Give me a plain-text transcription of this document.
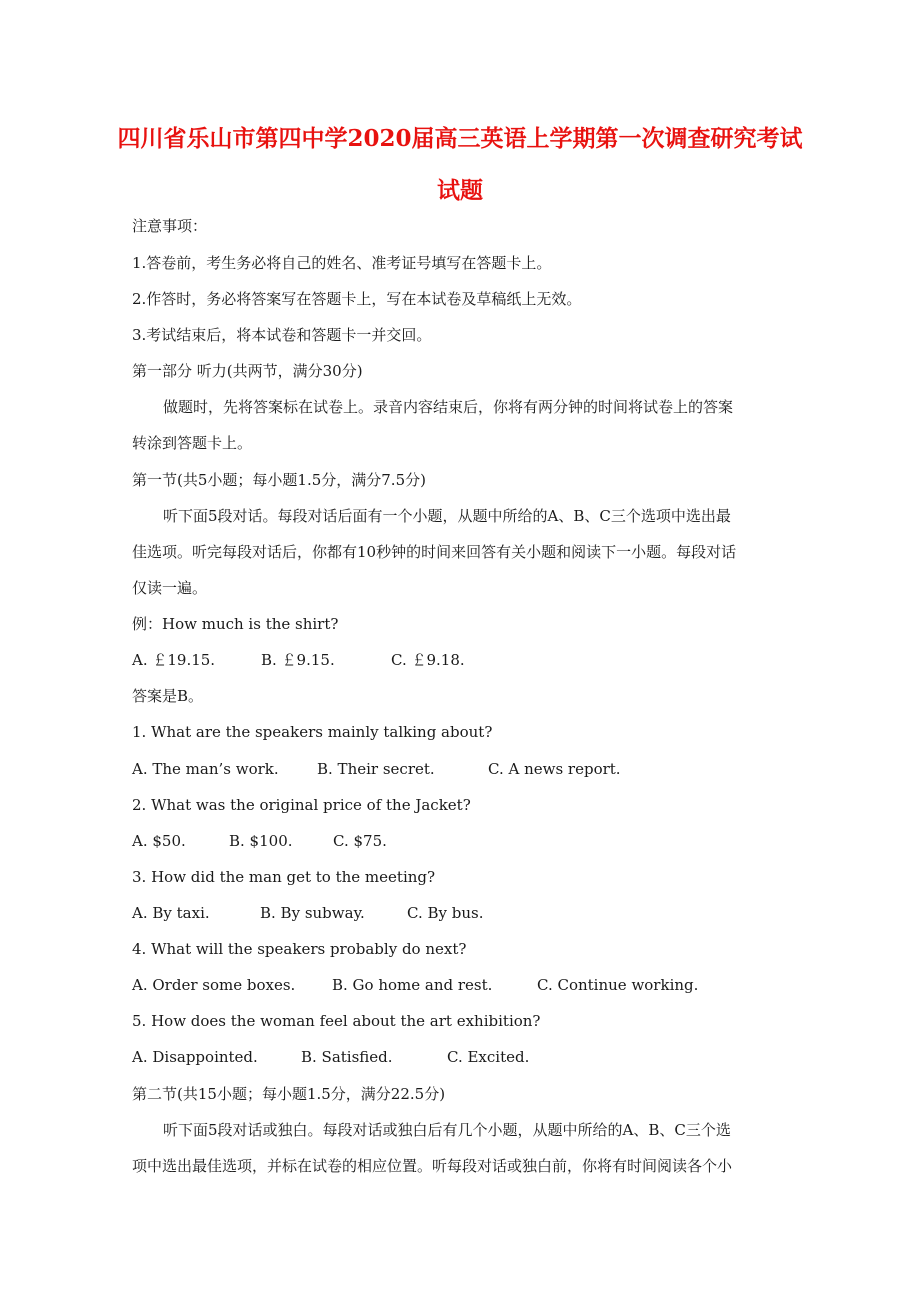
四川省乐山市第四中学2020届高三英语上学期第一次调查研究考试
试题
注意事项：
1.答卷前，考生务必将自己的姓名、准考证号填写在答题卡上。
2.作答时，务必将答案写在答题卡上，写在本试卷及草稿纸上无效。
3.考试结束后，将本试卷和答题卡一并交回。
第一部分 听力(共两节，满分30分)
做题时，先将答案标在试卷上。录音内容结束后，你将有两分钟的时间将试卷上的答案
转涂到答题卡上。
第一节(共5小题；每小题1.5分，满分7.5分)
听下面5段对话。每段对话后面有一个小题，从题中所给的A、B、C三个选项中选出最
佳选项。听完每段对话后，你都有10秒钟的时间来回答有关小题和阅读下一小题。每段对话
仅读一遍。
例：How much is the shirt?
A. ￡19.15.	B. ￡9.15.	C. ￡9.18.
答案是B。
1. What are the speakers mainly talking about?
A. The man’s work.	B. Their secret.	C. A news report.
2. What was the original price of the Jacket?
A. $50.	B. $100.	C. $75.
3. How did the man get to the meeting?
A. By taxi.	B. By subway.	C. By bus.
4. What will the speakers probably do next?
A. Order some boxes. B. Go home and rest.	C. Continue working.
5. How does the woman feel about the art exhibition?
A. Disappointed.	B. Satisfied.	C. Excited.
第二节(共15小题；每小题1.5分，满分22.5分)
听下面5段对话或独白。每段对话或独白后有几个小题，从题中所给的A、B、C三个选
项中选出最佳选项，并标在试卷的相应位置。听每段对话或独白前，你将有时间阅读各个小
